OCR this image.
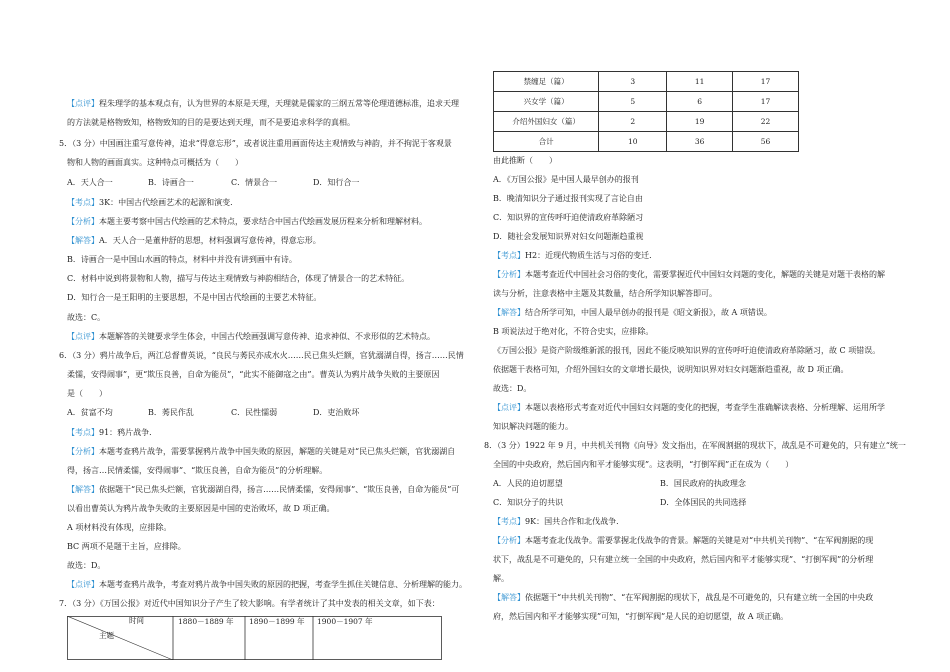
【点评】程朱理学的基本观点有，认为世界的本原是天理，天理就是儒家的三纲五常等伦理道德标准，追求天理
的方法就是格物致知，格物致知的目的是要达到天理，而不是要追求科学的真相。
5．（3 分）中国画注重写意传神，追求“得意忘形”，或者说注重用画面传达主观情致与神韵，并不拘泥于客观景
物和人物的画面真实。这种特点可概括为（　　）
A．天人合一	B．诗画合一	C．情景合一	D．知行合一
【考点】3K：中国古代绘画艺术的起源和演变．
【分析】本题主要考察中国古代绘画的艺术特点，要求结合中国古代绘画发展历程来分析和理解材料。
【解答】A．天人合一是董仲舒的思想，材料强调写意传神，得意忘形。
B．诗画合一是中国山水画的特点，材料中并没有讲到画中有诗。
C．材料中说到将景物和人物，描写与传达主观情致与神韵相结合，体现了情景合一的艺术特征。
D．知行合一是王阳明的主要思想，不是中国古代绘画的主要艺术特征。
故选：C。
【点评】本题解答的关键要求学生体会，中国古代绘画强调写意传神、追求神似、不求形似的艺术特点。
6．（3 分）鸦片战争后，两江总督曹英说，“良民与莠民亦成水火……民已焦头烂额，官犹溺湖自得，扬言……民情
柔懦，安得闹事”，更“欺压良善，自命为能员”，“此实不能御寇之由”。曹英认为鸦片战争失败的主要原因
是（　　）
A．贫富不均	B．莠民作乱	C．民性懦弱	D．吏治败坏
【考点】91：鸦片战争．
【分析】本题考查鸦片战争，需要掌握鸦片战争中国失败的原因，解题的关键是对“民已焦头烂额，官犹溺湖自
得，扬言…民情柔懦，安得闹事”、“欺压良善，自命为能员”的分析理解。
【解答】依据题干“民已焦头烂额，官犹溺湖自得，扬言……民情柔懦，安得闹事”、“欺压良善，自命为能员”可
以看出曹英认为鸦片战争失败的主要原因是中国的吏治败坏，故 D 项正确。
A 项材料没有体现，应排除。
BC 两项不是题干主旨，应排除。
故选：D。
【点评】本题考查鸦片战争，考查对鸦片战争中国失败的原因的把握，考查学生抓住关键信息、分析理解的能力。
7．（3 分）《万国公报》对近代中国知识分子产生了较大影响。有学者统计了其中发表的相关文章，如下表：
时间
主题
1880－1889 年 1890－1899 年 1900－1907 年
禁缠足（篇）	3	11	17
兴女学（篇）	5	6	17
介绍外国妇女（篇）	2	19	22
合计	10	36	56
由此推断（　　）
A．《万国公报》是中国人最早创办的报刊
B．晚清知识分子通过报刊实现了言论自由
C．知识界的宣传呼吁迫使清政府革除陋习
D．随社会发展知识界对妇女问题渐趋重视
【考点】H2：近现代物质生活与习俗的变迁．
【分析】本题考查近代中国社会习俗的变化，需要掌握近代中国妇女问题的变化，解题的关键是对题干表格的解
读与分析，注意表格中主题及其数量，结合所学知识解答即可。
【解答】结合所学可知，中国人最早创办的报刊是《昭文新报》，故 A 项错误。
B 项说法过于绝对化，不符合史实，应排除。
《万国公报》是资产阶级维新派的报刊，因此不能反映知识界的宣传呼吁迫使清政府革除陋习，故 C 项错误。
依据题干表格可知，介绍外国妇女的文章增长最快，说明知识界对妇女问题渐趋重视，故 D 项正确。
故选：D。
【点评】本题以表格形式考查对近代中国妇女问题的变化的把握，考查学生准确解读表格、分析理解、运用所学
知识解决问题的能力。
8．（3 分）1922 年 9 月，中共机关刊物《向导》发文指出，在军阀割据的现状下，战乱是不可避免的，只有建立“统一
全国的中央政府，然后国内和平才能够实现”。这表明，“打倒军阀”正在成为（　　）
A．人民的迫切愿望	B．国民政府的执政理念
C．知识分子的共识	D．全体国民的共同选择
【考点】9K：国共合作和北伐战争．
【分析】本题考查北伐战争。需要掌握北伐战争的背景。解题的关键是对“中共机关刊物”、“在军阀割据的现
状下，战乱是不可避免的，只有建立统一全国的中央政府，然后国内和平才能够实现”、“打倒军阀”的分析理
解。
【解答】依据题干“中共机关刊物”、“在军阀割据的现状下，战乱是不可避免的，只有建立统一全国的中央政
府，然后国内和平才能够实现”可知，“打倒军阀”是人民的迫切愿望，故 A 项正确。
